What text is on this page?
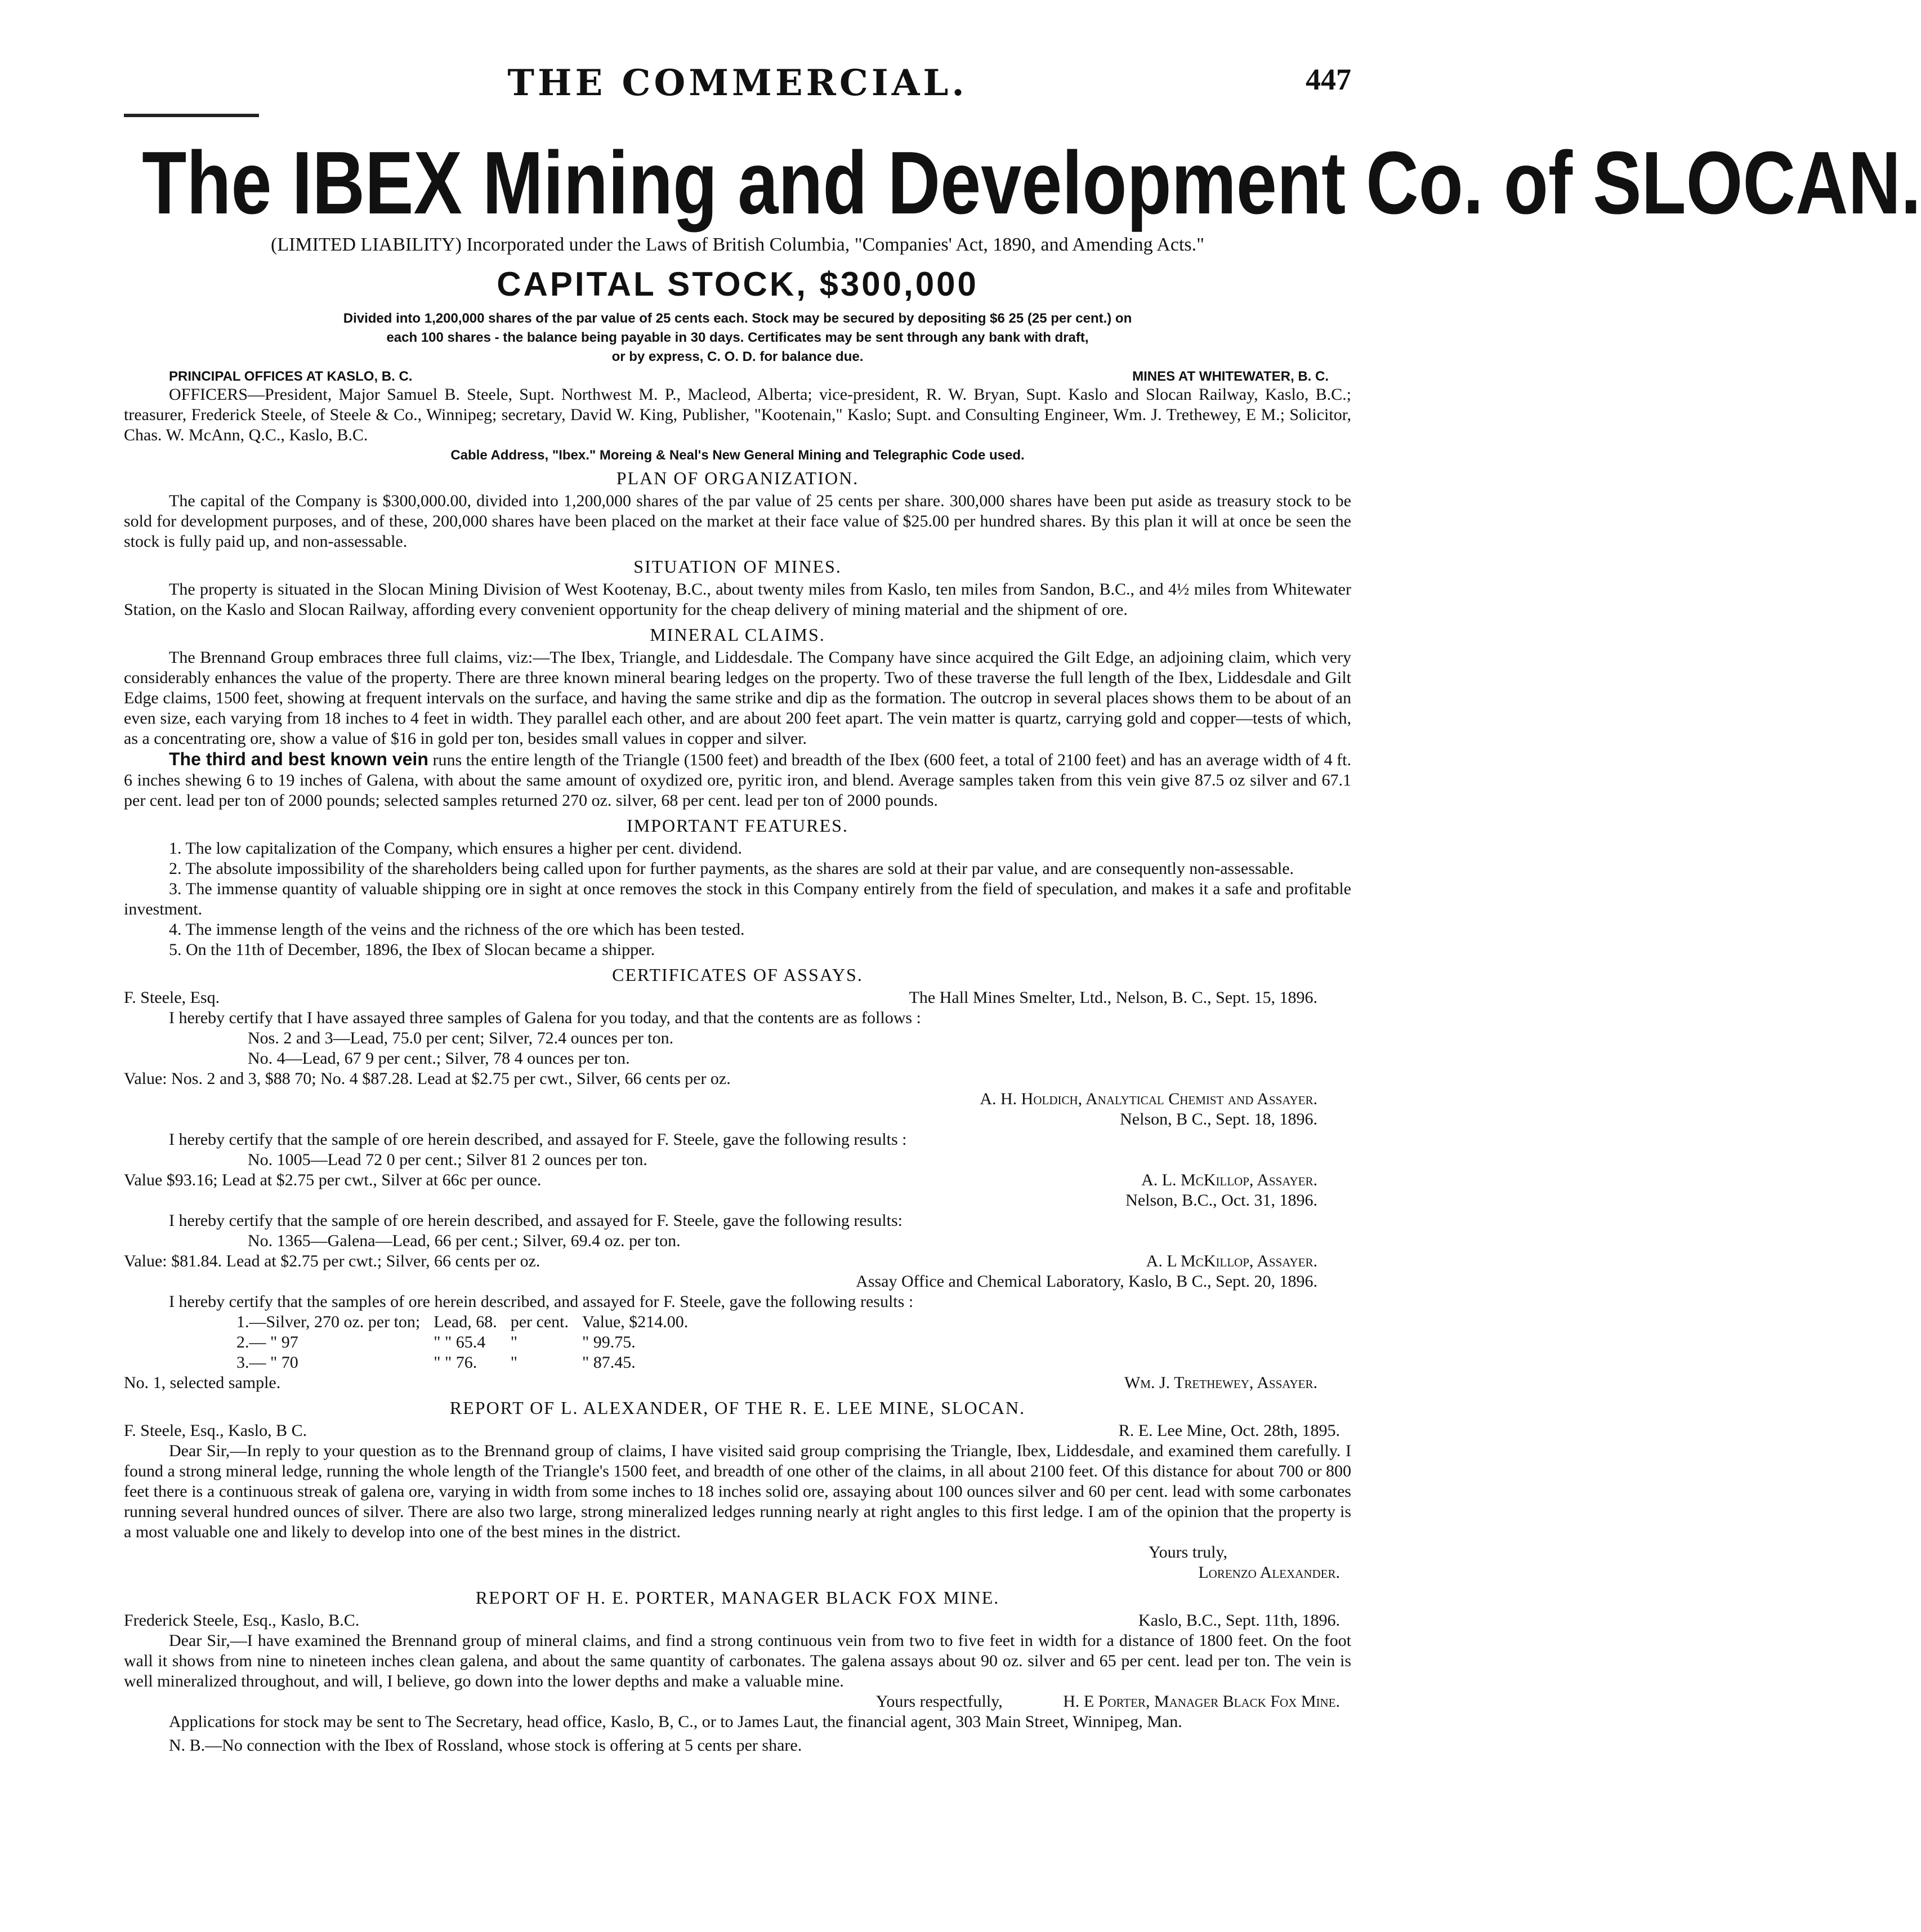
THE COMMERCIAL.	447
The IBEX Mining and Development Co. of SLOCAN.
(LIMITED LIABILITY) Incorporated under the Laws of British Columbia, "Companies' Act, 1890, and Amending Acts."
CAPITAL STOCK, $300,000
Divided into 1,200,000 shares of the par value of 25 cents each. Stock may be secured by depositing $6 25 (25 per cent.) on
each 100 shares - the balance being payable in 30 days. Certificates may be sent through any bank with draft,
or by express, C. O. D. for balance due.
PRINCIPAL OFFICES AT KASLO, B. C.	MINES AT WHITEWATER, B. C.
OFFICERS—President, Major Samuel B. Steele, Supt. Northwest M. P., Macleod, Alberta; vice-president, R. W. Bryan, Supt. Kaslo and Slocan Railway, Kaslo, B.C.; treasurer, Frederick Steele, of Steele & Co., Winnipeg; secretary, David W. King, Publisher, "Kootenain," Kaslo; Supt. and Consulting Engineer, Wm. J. Trethewey, E M.; Solicitor, Chas. W. McAnn, Q.C., Kaslo, B.C.
Cable Address, "Ibex." Moreing & Neal's New General Mining and Telegraphic Code used.
PLAN OF ORGANIZATION.
The capital of the Company is $300,000.00, divided into 1,200,000 shares of the par value of 25 cents per share. 300,000 shares have been put aside as treasury stock to be sold for development purposes, and of these, 200,000 shares have been placed on the market at their face value of $25.00 per hundred shares. By this plan it will at once be seen the stock is fully paid up, and non-assessable.
SITUATION OF MINES.
The property is situated in the Slocan Mining Division of West Kootenay, B.C., about twenty miles from Kaslo, ten miles from Sandon, B.C., and 4½ miles from Whitewater Station, on the Kaslo and Slocan Railway, affording every convenient opportunity for the cheap delivery of mining material and the shipment of ore.
MINERAL CLAIMS.
The Brennand Group embraces three full claims, viz:—The Ibex, Triangle, and Liddesdale. The Company have since acquired the Gilt Edge, an adjoining claim, which very considerably enhances the value of the property. There are three known mineral bearing ledges on the property. Two of these traverse the full length of the Ibex, Liddesdale and Gilt Edge claims, 1500 feet, showing at frequent intervals on the surface, and having the same strike and dip as the formation. The outcrop in several places shows them to be about of an even size, each varying from 18 inches to 4 feet in width. They parallel each other, and are about 200 feet apart. The vein matter is quartz, carrying gold and copper—tests of which, as a concentrating ore, show a value of $16 in gold per ton, besides small values in copper and silver.
The third and best known vein runs the entire length of the Triangle (1500 feet) and breadth of the Ibex (600 feet, a total of 2100 feet) and has an average width of 4 ft. 6 inches shewing 6 to 19 inches of Galena, with about the same amount of oxydized ore, pyritic iron, and blend. Average samples taken from this vein give 87.5 oz silver and 67.1 per cent. lead per ton of 2000 pounds; selected samples returned 270 oz. silver, 68 per cent. lead per ton of 2000 pounds.
IMPORTANT FEATURES.
1. The low capitalization of the Company, which ensures a higher per cent. dividend.
2. The absolute impossibility of the shareholders being called upon for further payments, as the shares are sold at their par value, and are consequently non-assessable.
3. The immense quantity of valuable shipping ore in sight at once removes the stock in this Company entirely from the field of speculation, and makes it a safe and profitable investment.
4. The immense length of the veins and the richness of the ore which has been tested.
5. On the 11th of December, 1896, the Ibex of Slocan became a shipper.
CERTIFICATES OF ASSAYS.
F. Steele, Esq.	The Hall Mines Smelter, Ltd., Nelson, B. C., Sept. 15, 1896.
I hereby certify that I have assayed three samples of Galena for you today, and that the contents are as follows :
Nos. 2 and 3—Lead, 75.0 per cent; Silver, 72.4 ounces per ton.
No. 4—Lead, 67 9 per cent.; Silver, 78 4 ounces per ton.
Value: Nos. 2 and 3, $88 70; No. 4 $87.28. Lead at $2.75 per cwt., Silver, 66 cents per oz.
A. H. Holdich, Analytical Chemist and Assayer.
Nelson, B C., Sept. 18, 1896.
I hereby certify that the sample of ore herein described, and assayed for F. Steele, gave the following results :
No. 1005—Lead 72 0 per cent.; Silver 81 2 ounces per ton.
Value $93.16; Lead at $2.75 per cwt., Silver at 66c per ounce.	A. L. McKillop, Assayer.
Nelson, B.C., Oct. 31, 1896.
I hereby certify that the sample of ore herein described, and assayed for F. Steele, gave the following results:
No. 1365—Galena—Lead, 66 per cent.; Silver, 69.4 oz. per ton.
Value: $81.84. Lead at $2.75 per cwt.; Silver, 66 cents per oz.	A. L McKillop, Assayer.
Assay Office and Chemical Laboratory, Kaslo, B C., Sept. 20, 1896.
I hereby certify that the samples of ore herein described, and assayed for F. Steele, gave the following results :
1.—Silver, 270 oz. per ton;	Lead, 68.	per cent.	Value, $214.00.
2.— " 97	" " 65.4	"	" 99.75.
3.— " 70	" " 76.	"	" 87.45.
No. 1, selected sample.	Wm. J. Trethewey, Assayer.
REPORT OF L. ALEXANDER, OF THE R. E. LEE MINE, SLOCAN.
F. Steele, Esq., Kaslo, B C.	R. E. Lee Mine, Oct. 28th, 1895.
Dear Sir,—In reply to your question as to the Brennand group of claims, I have visited said group comprising the Triangle, Ibex, Liddesdale, and examined them carefully. I found a strong mineral ledge, running the whole length of the Triangle's 1500 feet, and breadth of one other of the claims, in all about 2100 feet. Of this distance for about 700 or 800 feet there is a continuous streak of galena ore, varying in width from some inches to 18 inches solid ore, assaying about 100 ounces silver and 60 per cent. lead with some carbonates running several hundred ounces of silver. There are also two large, strong mineralized ledges running nearly at right angles to this first ledge. I am of the opinion that the property is a most valuable one and likely to develop into one of the best mines in the district.
Yours truly,
Lorenzo Alexander.
REPORT OF H. E. PORTER, MANAGER BLACK FOX MINE.
Frederick Steele, Esq., Kaslo, B.C.	Kaslo, B.C., Sept. 11th, 1896.
Dear Sir,—I have examined the Brennand group of mineral claims, and find a strong continuous vein from two to five feet in width for a distance of 1800 feet. On the foot wall it shows from nine to nineteen inches clean galena, and about the same quantity of carbonates. The galena assays about 90 oz. silver and 65 per cent. lead per ton. The vein is well mineralized throughout, and will, I believe, go down into the lower depths and make a valuable mine.
Yours respectfully,	H. E Porter, Manager Black Fox Mine.
Applications for stock may be sent to The Secretary, head office, Kaslo, B, C., or to James Laut, the financial agent, 303 Main Street, Winnipeg, Man.
N. B.—No connection with the Ibex of Rossland, whose stock is offering at 5 cents per share.
